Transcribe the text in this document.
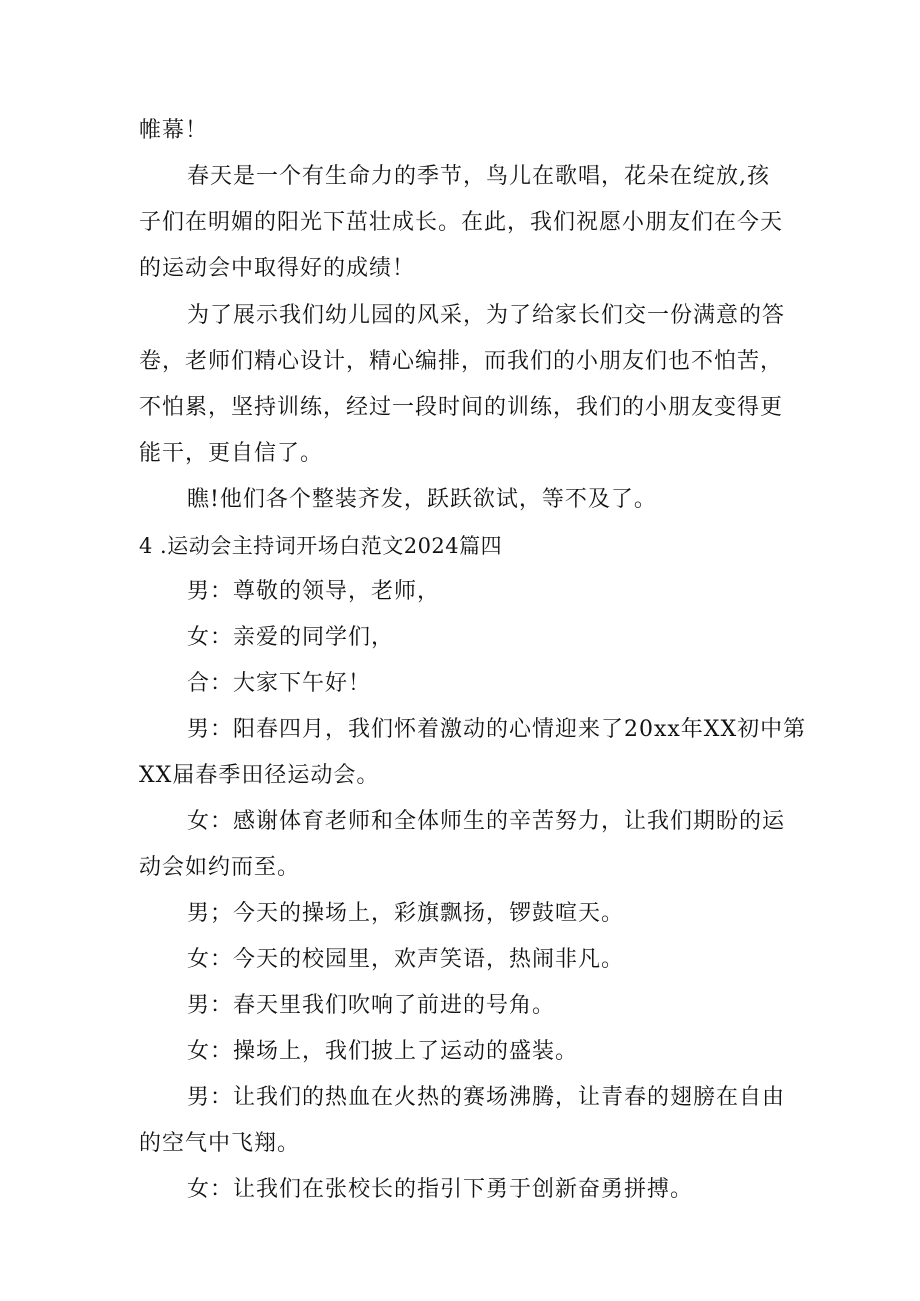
帷幕！
春天是一个有生命力的季节，鸟儿在歌唱，花朵在绽放,孩
子们在明媚的阳光下茁壮成长。在此，我们祝愿小朋友们在今天
的运动会中取得好的成绩！
为了展示我们幼儿园的风采，为了给家长们交一份满意的答
卷，老师们精心设计，精心编排，而我们的小朋友们也不怕苦，
不怕累，坚持训练，经过一段时间的训练，我们的小朋友变得更
能干，更自信了。
瞧!他们各个整装齐发，跃跃欲试，等不及了。
4 .运动会主持词开场白范文2024篇四
男：尊敬的领导，老师，
女：亲爱的同学们，
合：大家下午好！
男：阳春四月，我们怀着激动的心情迎来了20xx年XX初中第
XX届春季田径运动会。
女：感谢体育老师和全体师生的辛苦努力，让我们期盼的运
动会如约而至。
男；今天的操场上，彩旗飘扬，锣鼓喧天。
女：今天的校园里，欢声笑语，热闹非凡。
男：春天里我们吹响了前进的号角。
女：操场上，我们披上了运动的盛装。
男：让我们的热血在火热的赛场沸腾，让青春的翅膀在自由
的空气中飞翔。
女：让我们在张校长的指引下勇于创新奋勇拼搏。
